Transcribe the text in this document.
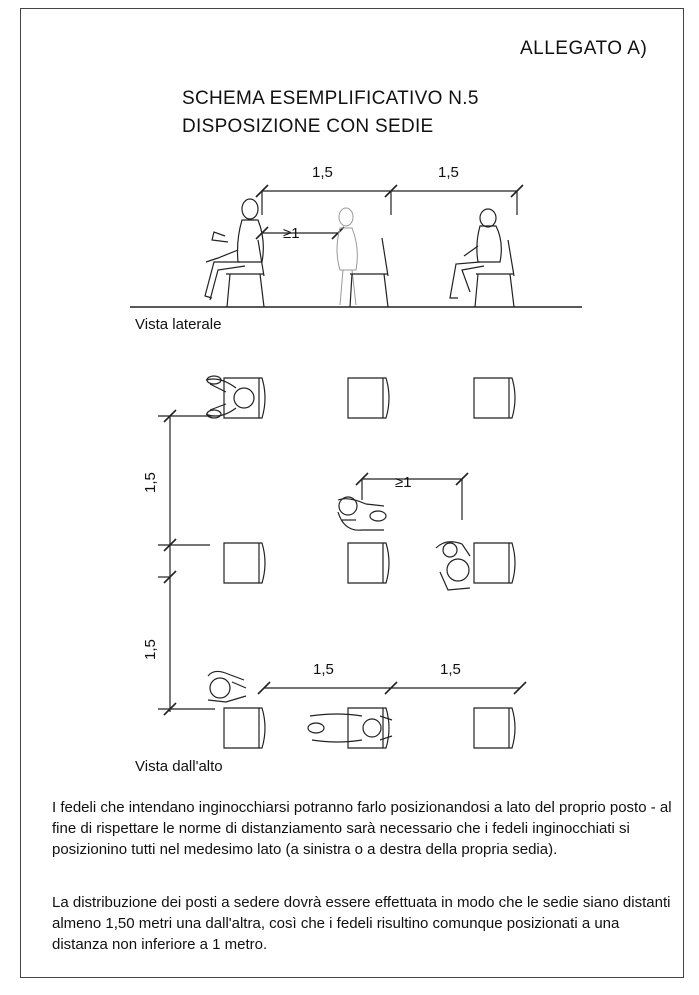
ALLEGATO A)
SCHEMA ESEMPLIFICATIVO N.5
DISPOSIZIONE CON SEDIE
1,5	1,5
≥1
1,5
1,5
1,5	1,5
≥1
Vista laterale
Vista dall'alto
I fedeli che intendano inginocchiarsi potranno farlo posizionandosi a lato del proprio posto - al fine di rispettare le norme di distanziamento sarà necessario che i fedeli inginocchiati si posizionino tutti nel medesimo lato (a sinistra o a destra della propria sedia).
La distribuzione dei posti a sedere dovrà essere effettuata in modo che le sedie siano distanti almeno 1,50 metri una dall'altra, così che i fedeli risultino comunque posizionati a una distanza non inferiore a 1 metro.
